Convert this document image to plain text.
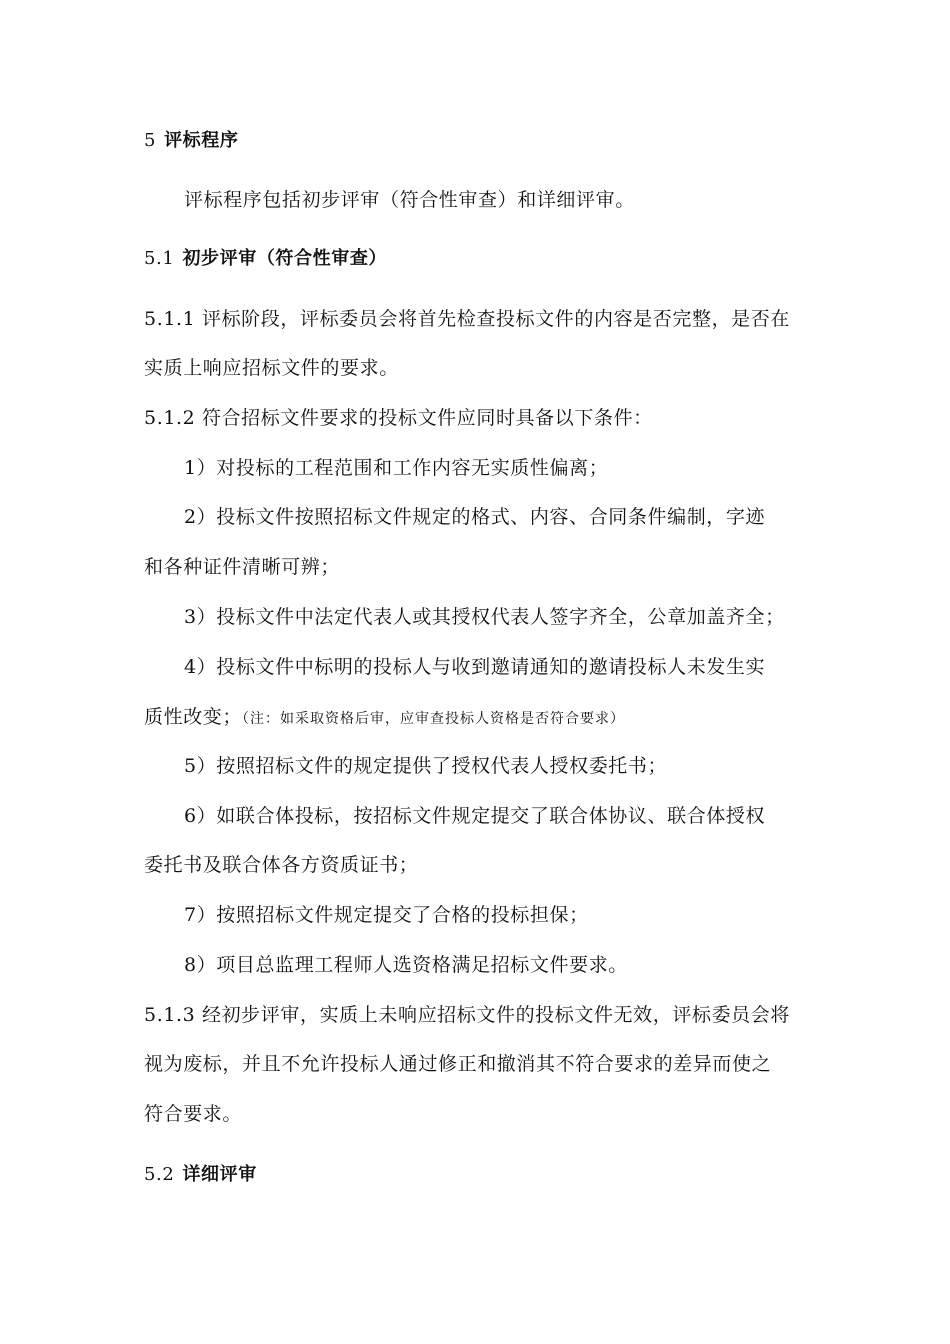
5 评标程序

评标程序包括初步评审（符合性审查）和详细评审。

5.1 初步评审（符合性审查）

5.1.1 评标阶段，评标委员会将首先检查投标文件的内容是否完整，是否在

实质上响应招标文件的要求。

5.1.2 符合招标文件要求的投标文件应同时具备以下条件：

1）对投标的工程范围和工作内容无实质性偏离；

2）投标文件按照招标文件规定的格式、内容、合同条件编制，字迹

和各种证件清晰可辨；

3）投标文件中法定代表人或其授权代表人签字齐全，公章加盖齐全；

4）投标文件中标明的投标人与收到邀请通知的邀请投标人未发生实

质性改变；（注：如采取资格后审，应审查投标人资格是否符合要求）

5）按照招标文件的规定提供了授权代表人授权委托书；

6）如联合体投标，按招标文件规定提交了联合体协议、联合体授权

委托书及联合体各方资质证书；

7）按照招标文件规定提交了合格的投标担保；

8）项目总监理工程师人选资格满足招标文件要求。

5.1.3 经初步评审，实质上未响应招标文件的投标文件无效，评标委员会将

视为废标，并且不允许投标人通过修正和撤消其不符合要求的差异而使之

符合要求。

5.2 详细评审
